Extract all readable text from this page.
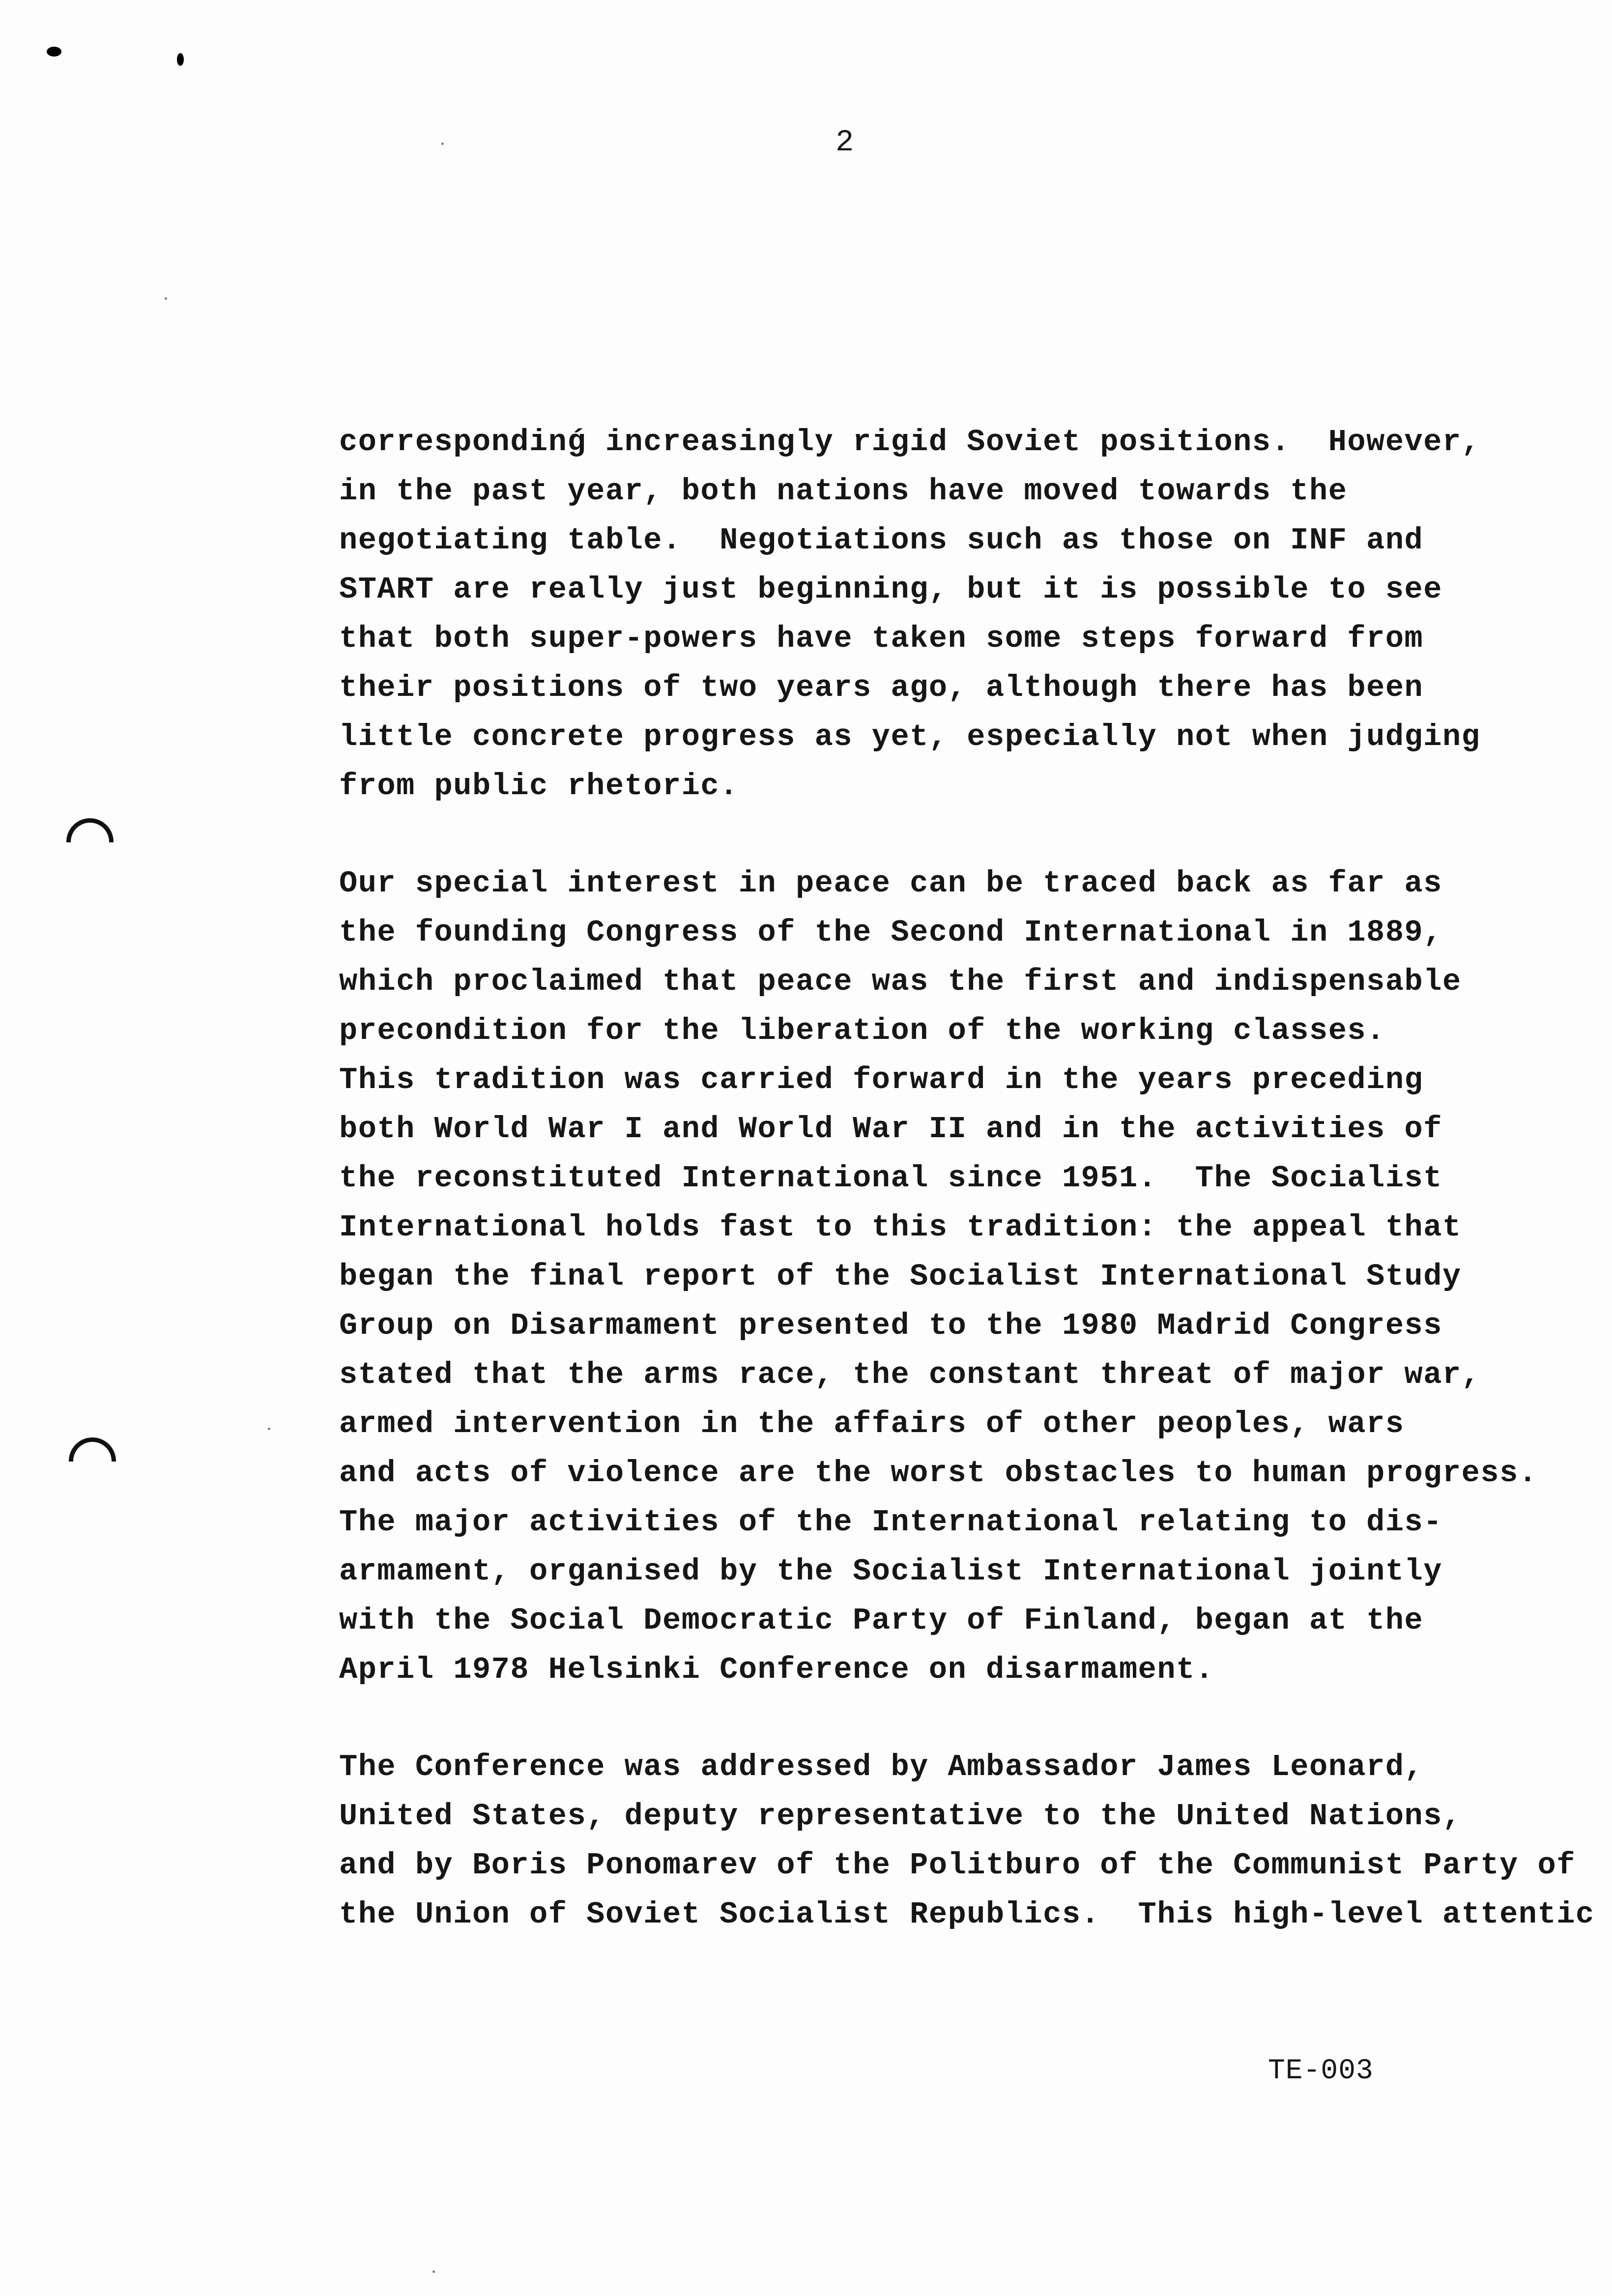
2
correspondinǵ increasingly rigid Soviet positions.  However,
in the past year, both nations have moved towards the
negotiating table.  Negotiations such as those on INF and
START are really just beginning, but it is possible to see
that both super-powers have taken some steps forward from
their positions of two years ago, although there has been
little concrete progress as yet, especially not when judging
from public rhetoric.
Our special interest in peace can be traced back as far as
the founding Congress of the Second International in 1889,
which proclaimed that peace was the first and indispensable
precondition for the liberation of the working classes.
This tradition was carried forward in the years preceding
both World War I and World War II and in the activities of
the reconstituted International since 1951.  The Socialist
International holds fast to this tradition: the appeal that
began the final report of the Socialist International Study
Group on Disarmament presented to the 1980 Madrid Congress
stated that the arms race, the constant threat of major war,
armed intervention in the affairs of other peoples, wars
and acts of violence are the worst obstacles to human progress.
The major activities of the International relating to dis-
armament, organised by the Socialist International jointly
with the Social Democratic Party of Finland, began at the
April 1978 Helsinki Conference on disarmament.
The Conference was addressed by Ambassador James Leonard,
United States, deputy representative to the United Nations,
and by Boris Ponomarev of the Politburo of the Communist Party of
the Union of Soviet Socialist Republics.  This high-level attentic
TE-003
